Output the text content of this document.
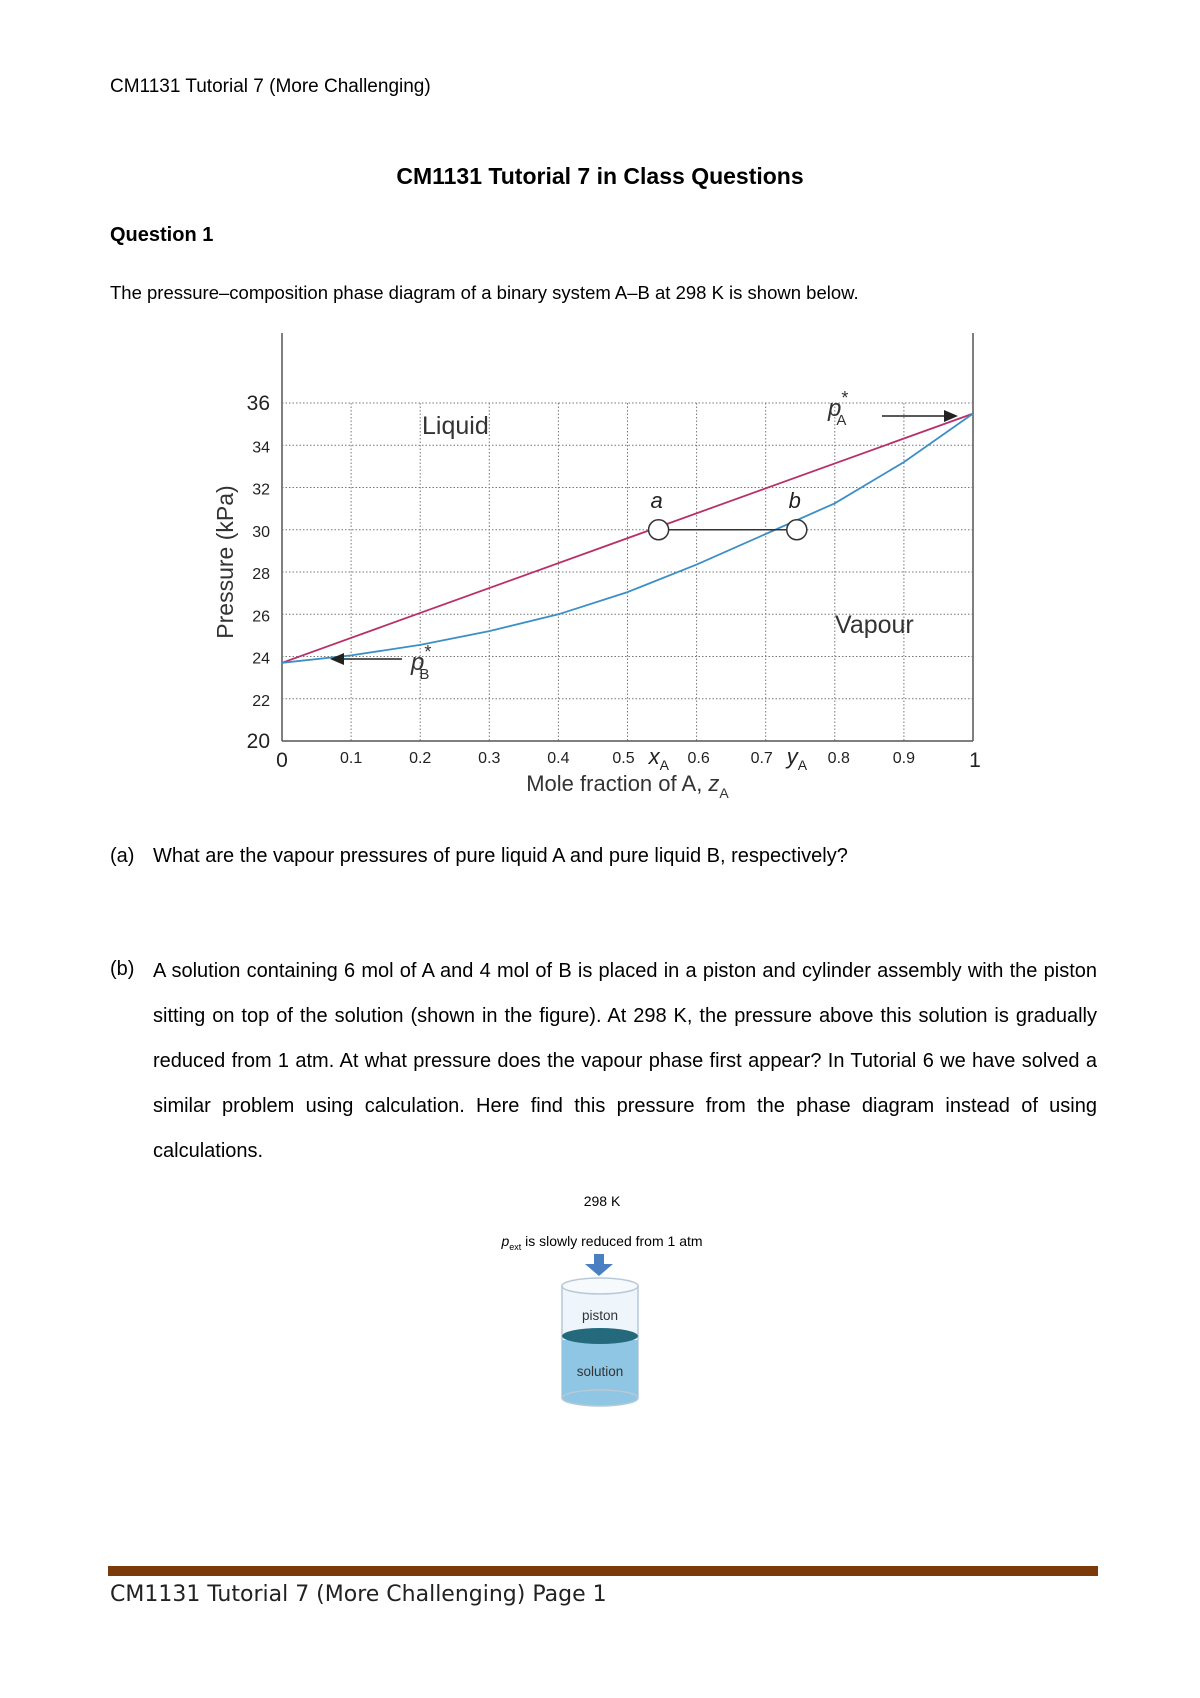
CM1131 Tutorial 7 (More Challenging)
CM1131 Tutorial 7 in Class Questions
Question 1
The pressure–composition phase diagram of a binary system A–B at 298 K is shown below.
20
22
24
26
28
30
32
34
36
0	0.1	0.2	0.3	0.4	0.5	0.6	0.7	0.8	0.9	1
Mole fraction of A, $z_A$
Pressure (kPa)	a	b
Liquid
Vapour
p* A
p* B
$x_A$	$y_A$
(a) What are the vapour pressures of pure liquid A and pure liquid B, respectively?
(b) A solution containing 6 mol of A and 4 mol of B is placed in a piston and cylinder assembly with the piston sitting on top of the solution (shown in the figure). At 298 K, the pressure above this solution is gradually reduced from 1 atm. At what pressure does the vapour phase first appear? In Tutorial 6 we have solved a similar problem using calculation. Here find this pressure from the phase diagram instead of using calculations.
298 K
$p_{ext}$ is slowly reduced from 1 atm
piston
solution
CM1131 Tutorial 7 (More Challenging) Page 1
